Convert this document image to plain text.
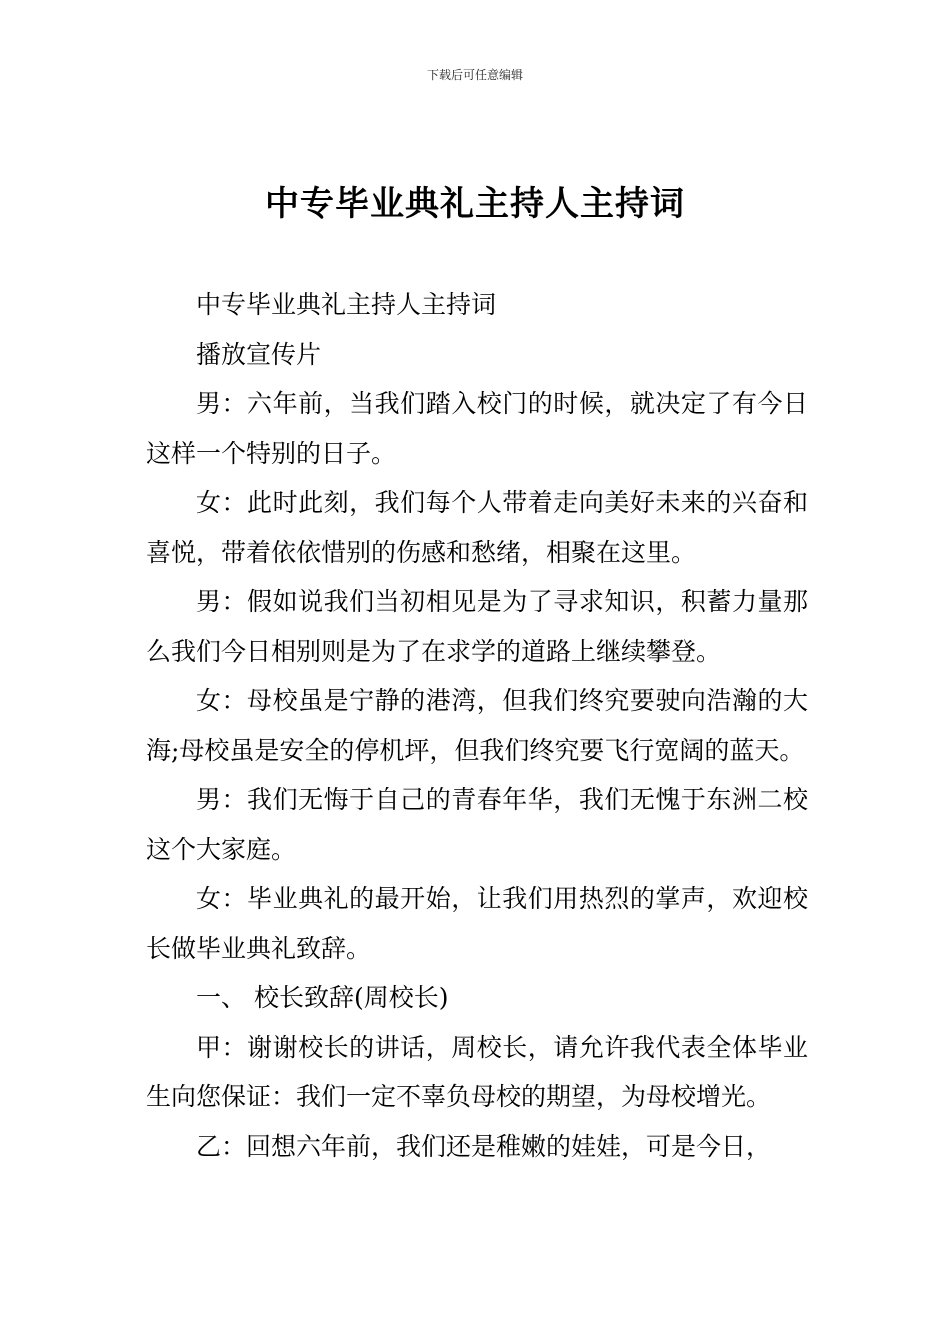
下载后可任意编辑
中专毕业典礼主持人主持词

中专毕业典礼主持人主持词

播放宣传片

男：六年前，当我们踏入校门的时候，就决定了有今日这样一个特别的日子。

女：此时此刻，我们每个人带着走向美好未来的兴奋和喜悦，带着依依惜别的伤感和愁绪，相聚在这里。

男：假如说我们当初相见是为了寻求知识，积蓄力量那么我们今日相别则是为了在求学的道路上继续攀登。

女：母校虽是宁静的港湾，但我们终究要驶向浩瀚的大海;母校虽是安全的停机坪，但我们终究要飞行宽阔的蓝天。

男：我们无悔于自己的青春年华，我们无愧于东洲二校这个大家庭。

女：毕业典礼的最开始，让我们用热烈的掌声，欢迎校长做毕业典礼致辞。

一、 校长致辞(周校长)

甲：谢谢校长的讲话，周校长，请允许我代表全体毕业生向您保证：我们一定不辜负母校的期望，为母校增光。

乙：回想六年前，我们还是稚嫩的娃娃，可是今日，
